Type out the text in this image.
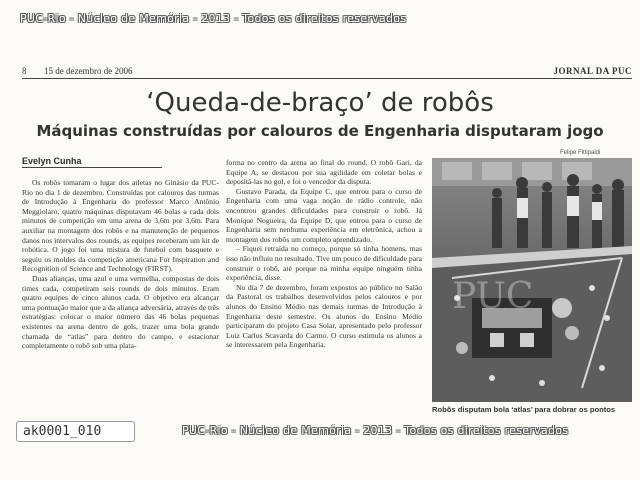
PUC-Rio - Núcleo de Memória - 2013 - Todos os direitos reservados
8 15 de dezembro de 2006	JORNAL DA PUC
‘Queda-de-braço’ de robôs
Máquinas construídas por calouros de Engenharia disputaram jogo
Evelyn Cunha

Os robôs tomaram o lugar dos atletas no Ginásio da PUC-Rio no dia 1 de dezembro. Construídas por calouros das turmas de Introdução à Engenharia do professor Marco Antônio Meggiolaro, quatro máquinas disputavam 46 bolas a cada dois minutos de competição em uma arena de 3,6m por 3,6m. Para auxiliar na montagem dos robôs e na manutenção de pequenos danos nos intervalos dos rounds, as equipes receberam um kit de robótica. O jogo foi uma mistura de futebol com basquete e seguiu os moldes da competição americana For Inspiration and Recognition of Science and Technology (FIRST).

Duas alianças, uma azul e uma vermelha, compostas de dois times cada, competiram seis rounds de dois minutos. Eram quatro equipes de cinco alunos cada. O objetivo era alcançar uma pontuação maior que a da aliança adversária, através de três estratégias: colocar o maior número das 46 bolas pequenas existentes na arena dentro de gols, trazer uma bola grande chamada de “atlas” para dentro do campo, e estacionar completamente o robô sob uma plata-

forma no centro da arena ao final do round. O robô Gari, da Equipe A, se destacou por sua agilidade em coletar bolas e depositá-las no gol, e foi o vencedor da disputa.

Gustavo Parada, da Equipe C, que entrou para o curso de Engenharia com uma vaga noção de rádio controle, não encontrou grandes dificuldades para construir o robô. Já Monique Nogueira, da Equipe D, que entrou para o curso de Engenharia sem nenhuma experiência em eletrônica, achou a montagem dos robôs um completo aprendizado.

– Fiquei retraída no começo, porque só tinha homens, mas isso não influiu no resultado. Tive um pouco de dificuldade para construir o robô, até porque na minha equipe ninguém tinha experiência, disse.

No dia 7 de dezembro, foram expostos ao público no Salão da Pastoral os trabalhos desenvolvidos pelos calouros e por alunos do Ensino Médio nas demais turmas de Introdução à Engenharia deste semestre. Os alunos do Ensino Médio participaram do projeto Casa Solar, apresentado pelo professor Luiz Carlos Scavarda do Carmo. O curso estimula os alunos a se interessarem pela Engenharia.

Felipe Fittipaldi
PUC
Robôs disputam bola ‘atlas’ para dobrar os pontos
ak0001_010	PUC-Rio - Núcleo de Memória - 2013 - Todos os direitos reservados
